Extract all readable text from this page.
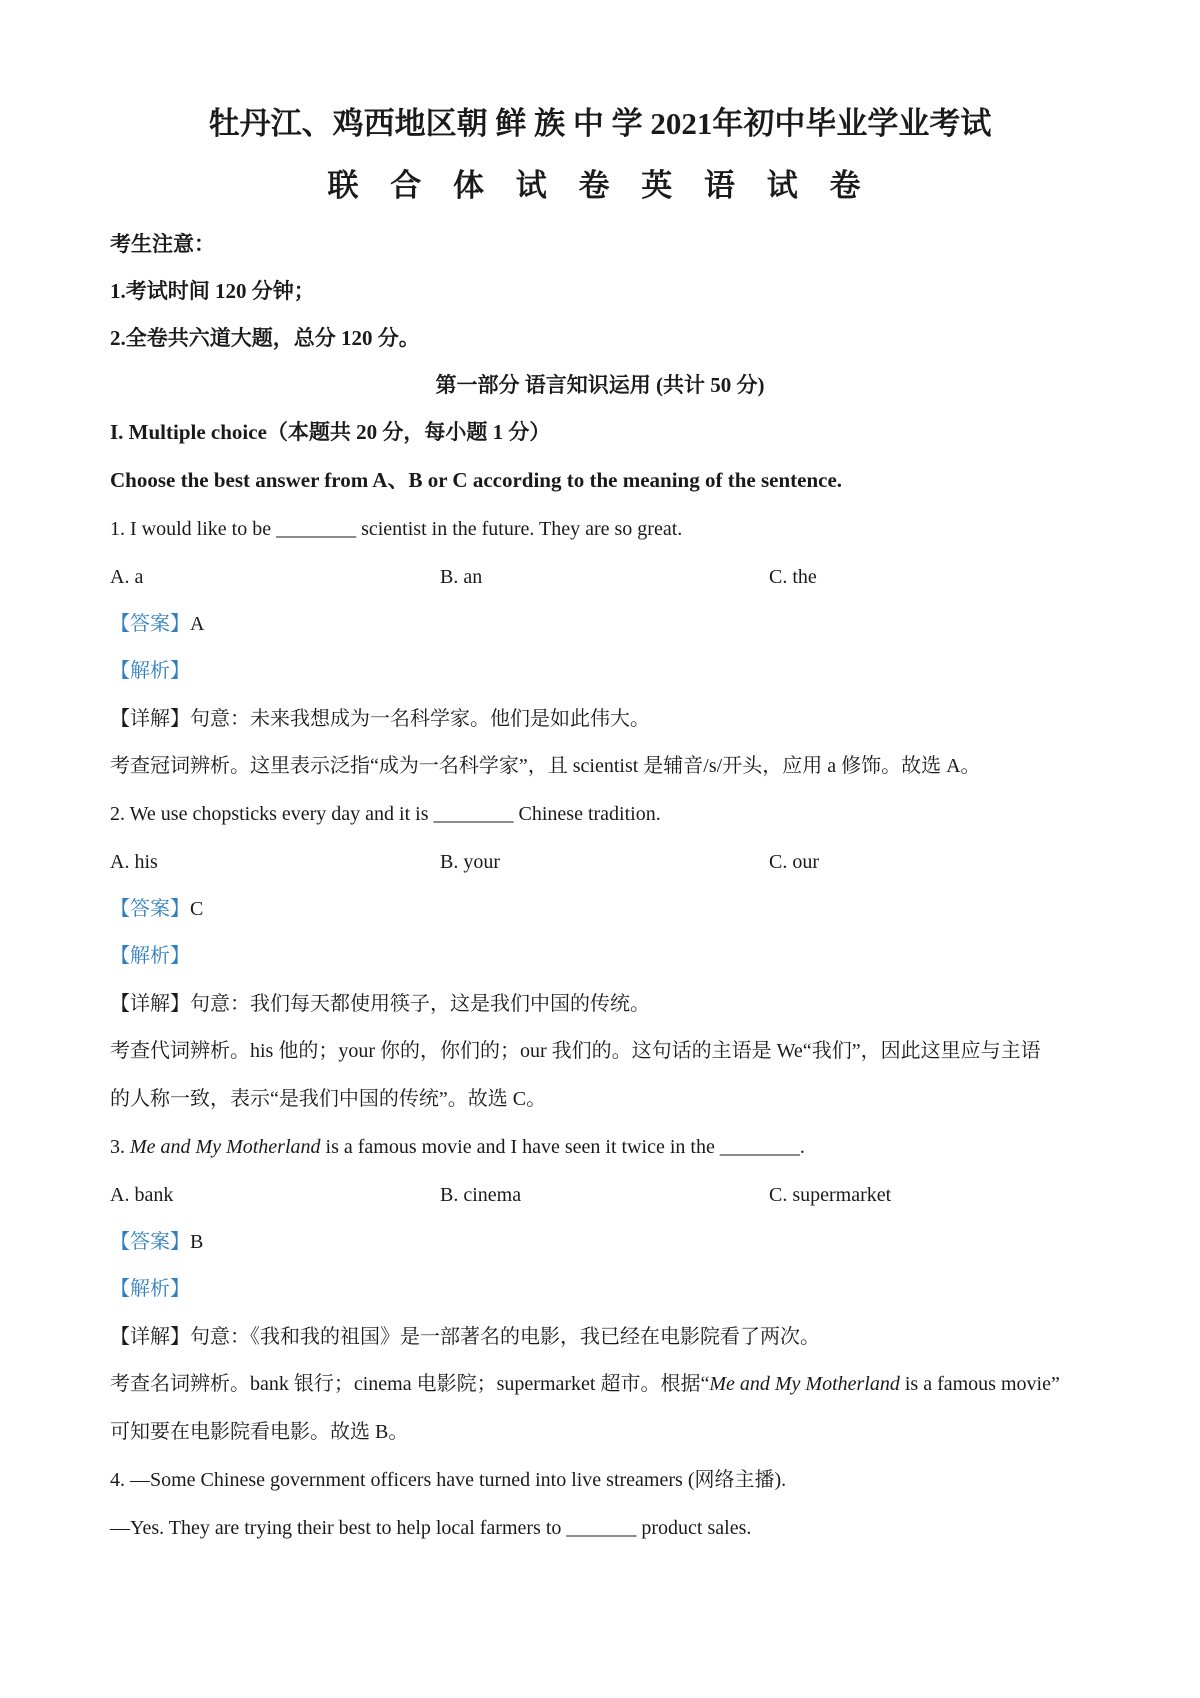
牡丹江、鸡西地区朝 鲜 族 中 学 2021年初中毕业学业考试
联 合 体 试 卷 英 语 试 卷
考生注意：
1.考试时间 120 分钟；
2.全卷共六道大题，总分 120 分。
第一部分 语言知识运用 (共计 50 分)
I. Multiple choice（本题共 20 分，每小题 1 分）
Choose the best answer from A、B or C according to the meaning of the sentence.
1. I would like to be ________ scientist in the future. They are so great.
A. a	B. an	C. the
【答案】A
【解析】
【详解】句意：未来我想成为一名科学家。他们是如此伟大。
考查冠词辨析。这里表示泛指“成为一名科学家”，且 scientist 是辅音/s/开头，应用 a 修饰。故选 A。
2. We use chopsticks every day and it is ________ Chinese tradition.
A. his	B. your	C. our
【答案】C
【解析】
【详解】句意：我们每天都使用筷子，这是我们中国的传统。
考查代词辨析。his 他的；your 你的，你们的；our 我们的。这句话的主语是 We“我们”，因此这里应与主语
的人称一致，表示“是我们中国的传统”。故选 C。
3. Me and My Motherland is a famous movie and I have seen it twice in the ________.
A. bank	B. cinema	C. supermarket
【答案】B
【解析】
【详解】句意：《我和我的祖国》是一部著名的电影，我已经在电影院看了两次。
考查名词辨析。bank 银行；cinema 电影院；supermarket 超市。根据“Me and My Motherland is a famous movie”
可知要在电影院看电影。故选 B。
4. —Some Chinese government officers have turned into live streamers (网络主播).
—Yes. They are trying their best to help local farmers to _______ product sales.
